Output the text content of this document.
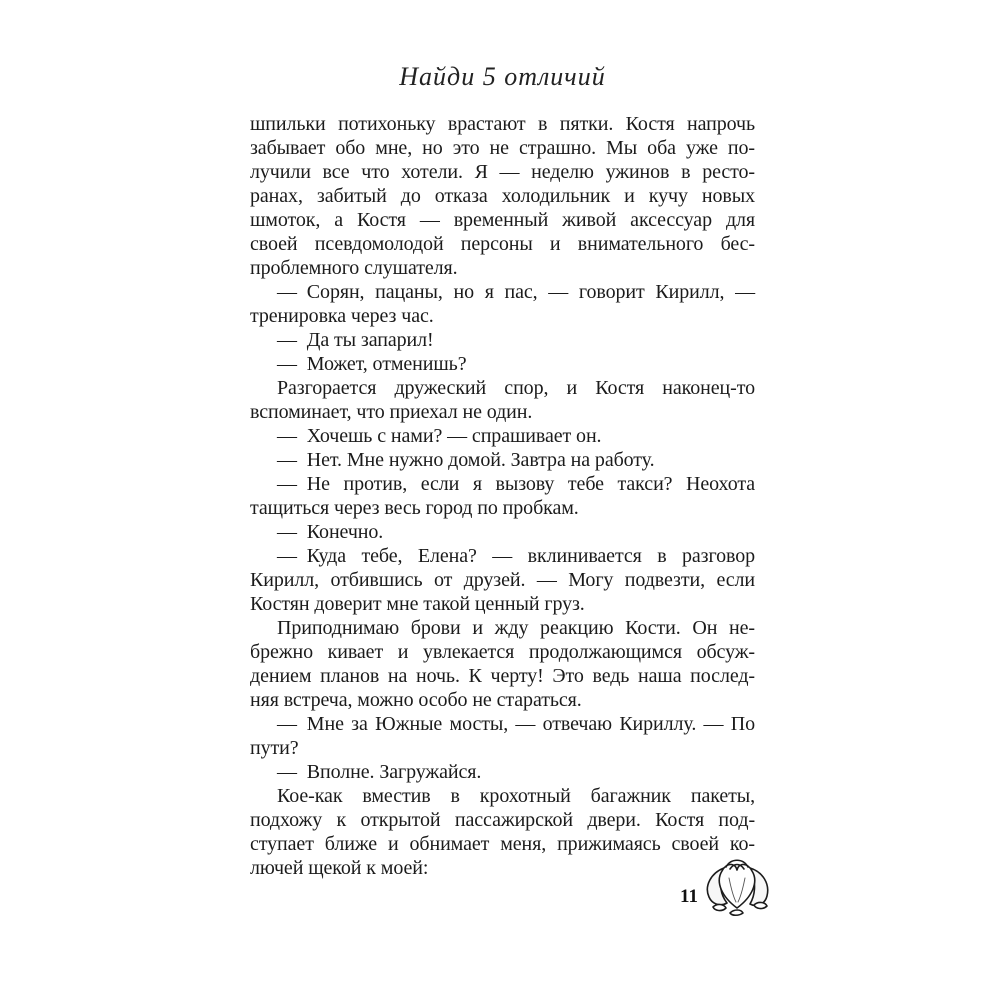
Найди 5 отличий
шпильки потихоньку врастают в пятки. Костя напрочь
забывает обо мне, но это не страшно. Мы оба уже по-
лучили все что хотели. Я — неделю ужинов в ресто-
ранах, забитый до отказа холодильник и кучу новых
шмоток, а Костя — временный живой аксессуар для
своей псевдомолодой персоны и внимательного бес-
проблемного слушателя.
— Сорян, пацаны, но я пас, — говорит Кирилл, —
тренировка через час.
— Да ты запарил!
— Может, отменишь?
Разгорается дружеский спор, и Костя наконец-то
вспоминает, что приехал не один.
— Хочешь с нами? — спрашивает он.
— Нет. Мне нужно домой. Завтра на работу.
— Не против, если я вызову тебе такси? Неохота
тащиться через весь город по пробкам.
— Конечно.
— Куда тебе, Елена? — вклинивается в разговор
Кирилл, отбившись от друзей. — Могу подвезти, если
Костян доверит мне такой ценный груз.
Приподнимаю брови и жду реакцию Кости. Он не-
брежно кивает и увлекается продолжающимся обсуж-
дением планов на ночь. К черту! Это ведь наша послед-
няя встреча, можно особо не стараться.
— Мне за Южные мосты, — отвечаю Кириллу. — По
пути?
— Вполне. Загружайся.
Кое-как вместив в крохотный багажник пакеты,
подхожу к открытой пассажирской двери. Костя под-
ступает ближе и обнимает меня, прижимаясь своей ко-
лючей щекой к моей:
11
